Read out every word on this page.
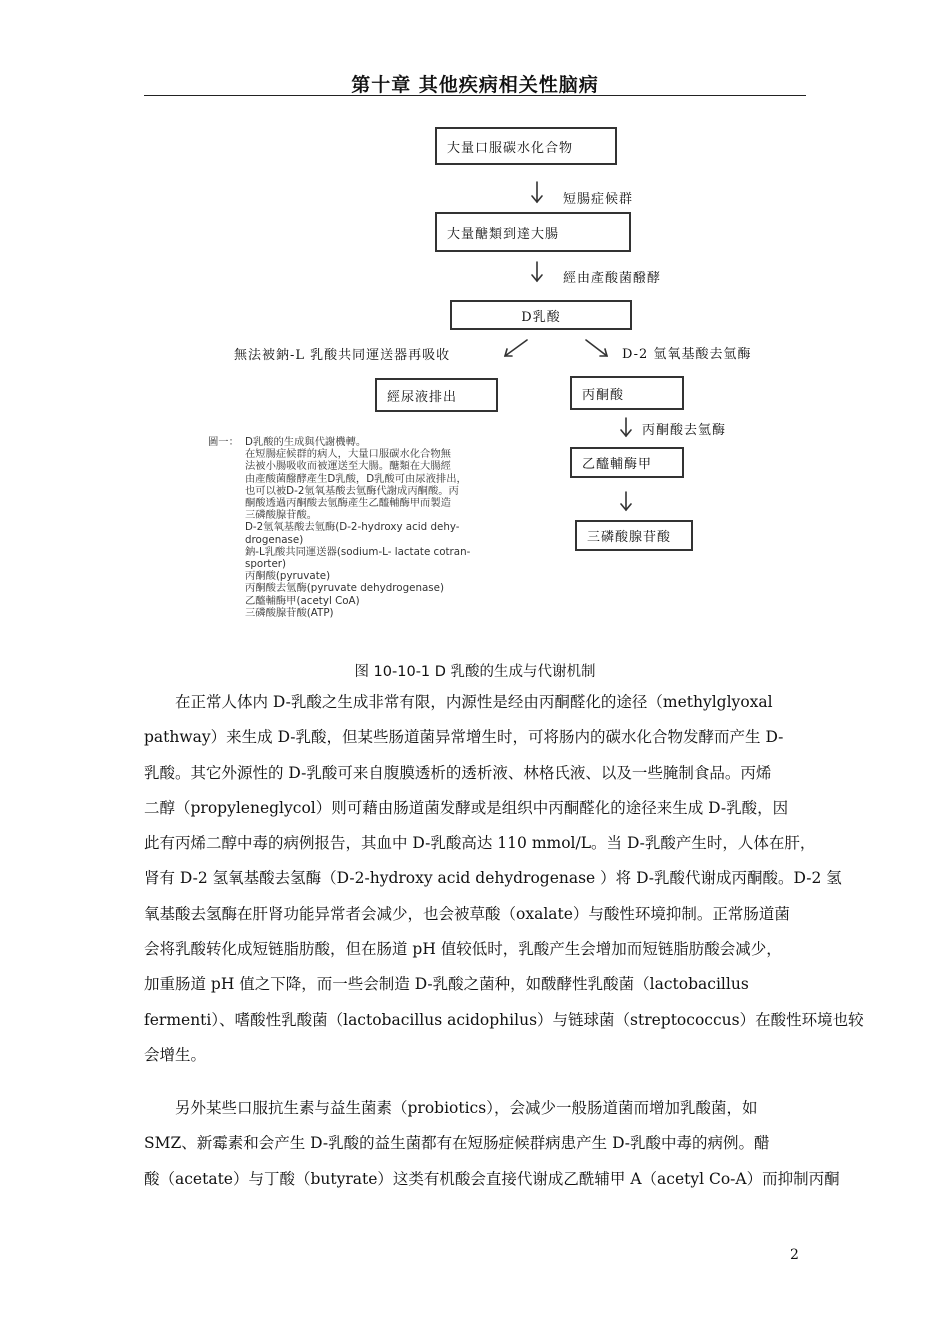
第十章 其他疾病相关性脑病
大量口服碳水化合物
大量醣類到達大腸
D乳酸
經尿液排出	丙酮酸
乙醯輔酶甲
三磷酸腺苷酸
短腸症候群
經由產酸菌醱酵
無法被鈉-L 乳酸共同運送器再吸收	D-2 氫氧基酸去氫酶
丙酮酸去氫酶
圖一： D乳酸的生成與代謝機轉。
在短腸症候群的病人，大量口服碳水化合物無
法被小腸吸收而被運送至大腸。醣類在大腸經
由產酸菌醱酵產生D乳酸，D乳酸可由尿液排出，
也可以被D-2氫氧基酸去氫酶代謝成丙酮酸。丙
酮酸透過丙酮酸去氫酶產生乙醯輔酶甲而製造
三磷酸腺苷酸。
D-2氫氧基酸去氫酶(D-2-hydroxy acid dehy-
drogenase)
鈉-L乳酸共同運送器(sodium-L- lactate cotran-
sporter)
丙酮酸(pyruvate)
丙酮酸去氫酶(pyruvate dehydrogenase)
乙醯輔酶甲(acetyl CoA)
三磷酸腺苷酸(ATP)
图 10-10-1 D 乳酸的生成与代谢机制
在正常人体内 D-乳酸之生成非常有限，内源性是经由丙酮醛化的途径（methylglyoxal
pathway）来生成 D-乳酸，但某些肠道菌异常增生时，可将肠内的碳水化合物发酵而产生 D-
乳酸。其它外源性的 D-乳酸可来自腹膜透析的透析液、林格氏液、以及一些腌制食品。丙烯
二醇（propyleneglycol）则可藉由肠道菌发酵或是组织中丙酮醛化的途径来生成 D-乳酸，因
此有丙烯二醇中毒的病例报告，其血中 D-乳酸高达 110 mmol/L。当 D-乳酸产生时，人体在肝，
肾有 D-2 氢氧基酸去氢酶（D-2-hydroxy acid dehydrogenase ）将 D-乳酸代谢成丙酮酸。D-2 氢
氧基酸去氢酶在肝肾功能异常者会减少，也会被草酸（oxalate）与酸性环境抑制。正常肠道菌
会将乳酸转化成短链脂肪酸，但在肠道 pH 值较低时，乳酸产生会增加而短链脂肪酸会减少，
加重肠道 pH 值之下降，而一些会制造 D-乳酸之菌种，如酦酵性乳酸菌（lactobacillus
fermenti）、嗜酸性乳酸菌（lactobacillus acidophilus）与链球菌（streptococcus）在酸性环境也较
会增生。
另外某些口服抗生素与益生菌素（probiotics），会减少一般肠道菌而增加乳酸菌，如
SMZ、新霉素和会产生 D-乳酸的益生菌都有在短肠症候群病患产生 D-乳酸中毒的病例。醋
酸（acetate）与丁酸（butyrate）这类有机酸会直接代谢成乙酰辅甲 A（acetyl Co-A）而抑制丙酮
2
